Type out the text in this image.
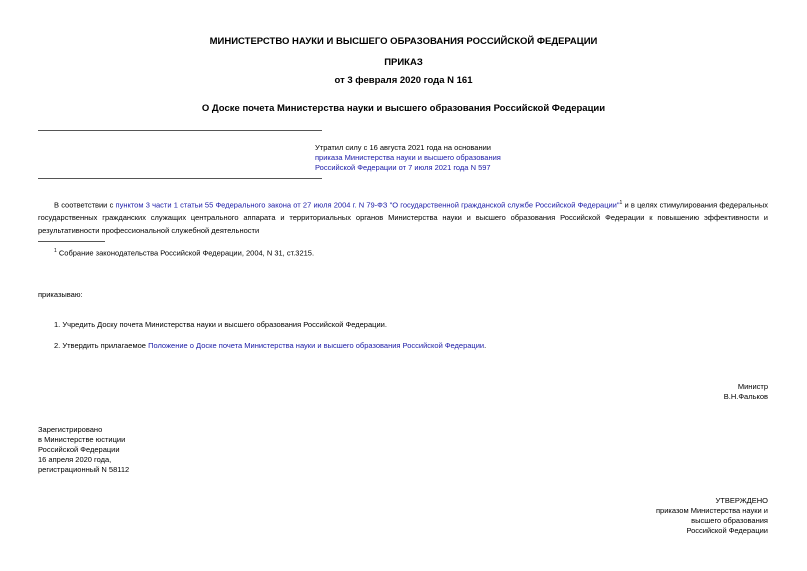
МИНИСТЕРСТВО НАУКИ И ВЫСШЕГО ОБРАЗОВАНИЯ РОССИЙСКОЙ ФЕДЕРАЦИИ
ПРИКАЗ
от 3 февраля 2020 года N 161
О Доске почета Министерства науки и высшего образования Российской Федерации
Утратил силу с 16 августа 2021 года на основании
приказа Министерства науки и высшего образования
Российской Федерации от 7 июля 2021 года N 597
В соответствии с пунктом 3 части 1 статьи 55 Федерального закона от 27 июля 2004 г. N 79-ФЗ "О государственной гражданской службе Российской Федерации"$^1$ и в целях стимулирования федеральных государственных гражданских служащих центрального аппарата и территориальных органов Министерства науки и высшего образования Российской Федерации к повышению эффективности и результативности профессиональной служебной деятельности
$^1$ Собрание законодательства Российской Федерации, 2004, N 31, ст.3215.
приказываю:
1. Учредить Доску почета Министерства науки и высшего образования Российской Федерации.
2. Утвердить прилагаемое Положение о Доске почета Министерства науки и высшего образования Российской Федерации.
Министр
В.Н.Фальков
Зарегистрировано
в Министерстве юстиции
Российской Федерации
16 апреля 2020 года,
регистрационный N 58112
УТВЕРЖДЕНО
приказом Министерства науки и
высшего образования
Российской Федерации
